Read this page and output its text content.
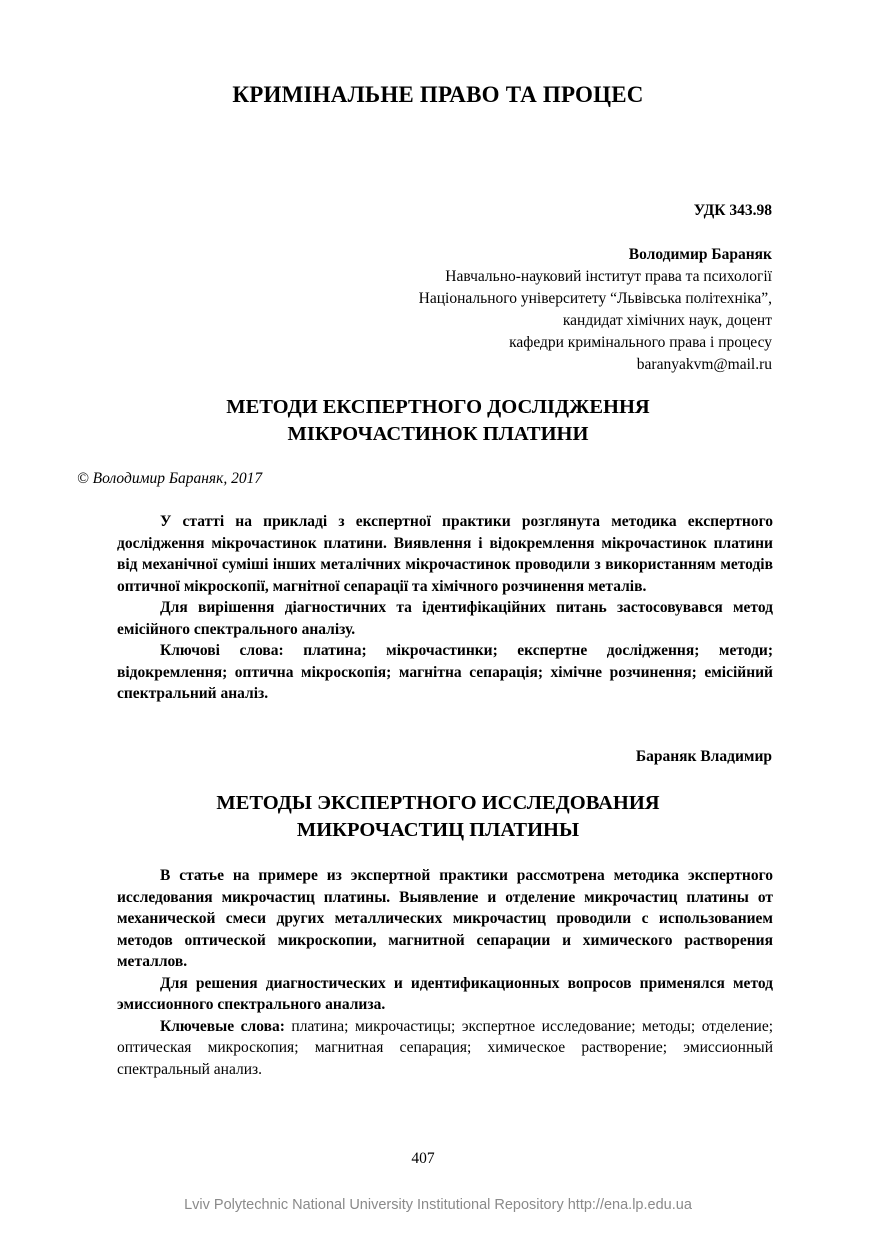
КРИМІНАЛЬНЕ ПРАВО ТА ПРОЦЕС
УДК 343.98
Володимир Бараняк
Навчально-науковий інститут права та психології
Національного університету “Львівська політехніка”,
кандидат хімічних наук, доцент
кафедри кримінального права і процесу
baranyakvm@mail.ru
МЕТОДИ ЕКСПЕРТНОГО ДОСЛІДЖЕННЯ
МІКРОЧАСТИНОК ПЛАТИНИ
© Володимир Бараняк, 2017

У статті на прикладі з експертної практики розглянута методика експертного дослідження мікрочастинок платини. Виявлення і відокремлення мікрочастинок платини від механічної суміші інших металічних мікрочастинок проводили з використанням методів оптичної мікроскопії, магнітної сепарації та хімічного розчинення металів.

Для вирішення діагностичних та ідентифікаційних питань застосовувався метод емісійного спектрального аналізу.

Ключові слова: платина; мікрочастинки; експертне дослідження; методи; відокремлення; оптична мікроскопія; магнітна сепарація; хімічне розчинення; емісійний спектральний аналіз.

Бараняк Владимир
МЕТОДЫ ЭКСПЕРТНОГО ИССЛЕДОВАНИЯ
МИКРОЧАСТИЦ ПЛАТИНЫ

В статье на примере из экспертной практики рассмотрена методика экспертного исследования микрочастиц платины. Выявление и отделение микрочастиц платины от механической смеси других металлических микрочастиц проводили с использованием методов оптической микроскопии, магнитной сепарации и химического растворения металлов.

Для решения диагностических и идентификационных вопросов применялся метод эмиссионного спектрального анализа.

Ключевые слова: платина; микрочастицы; экспертное исследование; методы; отделение; оптическая микроскопия; магнитная сепарация; химическое растворение; эмиссионный спектральный анализ.

407
Lviv Polytechnic National University Institutional Repository http://ena.lp.edu.ua
